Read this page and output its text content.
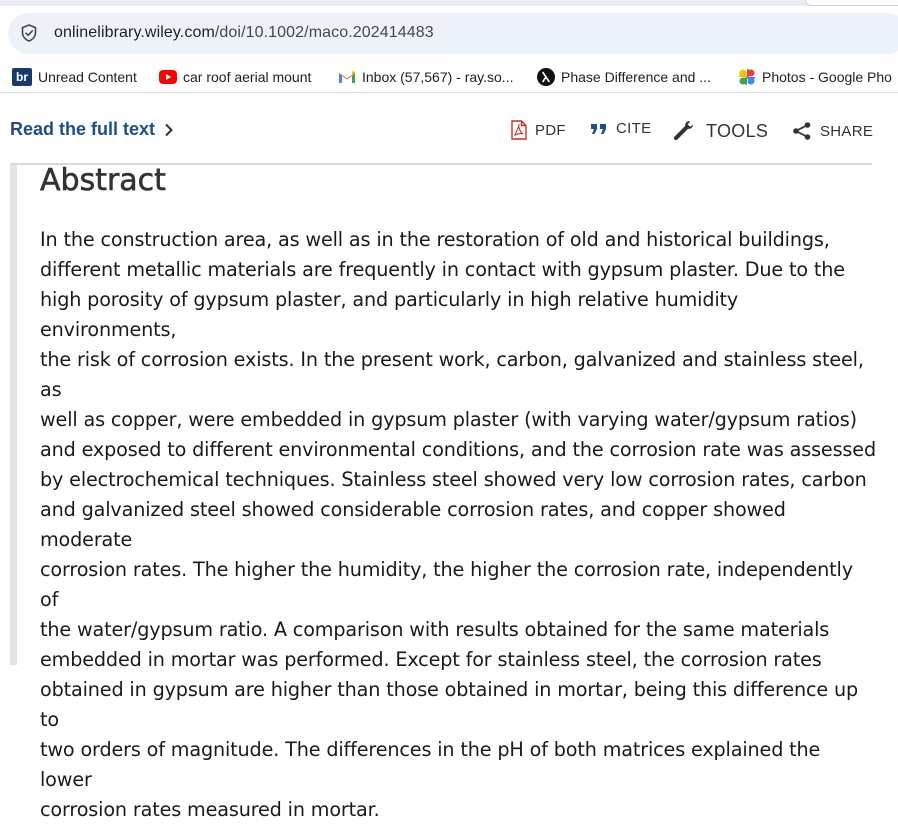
onlinelibrary.wiley.com/doi/10.1002/maco.202414483
br Unread Content	car roof aerial mount	Inbox (57,567) - ray.so...	Phase Difference and ...	Photos - Google Pho
Read the full text	PDF	CITE	TOOLS	SHARE
Abstract
In the construction area, as well as in the restoration of old and historical buildings,
different metallic materials are frequently in contact with gypsum plaster. Due to the
high porosity of gypsum plaster, and particularly in high relative humidity environments,
the risk of corrosion exists. In the present work, carbon, galvanized and stainless steel, as
well as copper, were embedded in gypsum plaster (with varying water/gypsum ratios)
and exposed to different environmental conditions, and the corrosion rate was assessed
by electrochemical techniques. Stainless steel showed very low corrosion rates, carbon
and galvanized steel showed considerable corrosion rates, and copper showed moderate
corrosion rates. The higher the humidity, the higher the corrosion rate, independently of
the water/gypsum ratio. A comparison with results obtained for the same materials
embedded in mortar was performed. Except for stainless steel, the corrosion rates
obtained in gypsum are higher than those obtained in mortar, being this difference up to
two orders of magnitude. The differences in the pH of both matrices explained the lower
corrosion rates measured in mortar.
